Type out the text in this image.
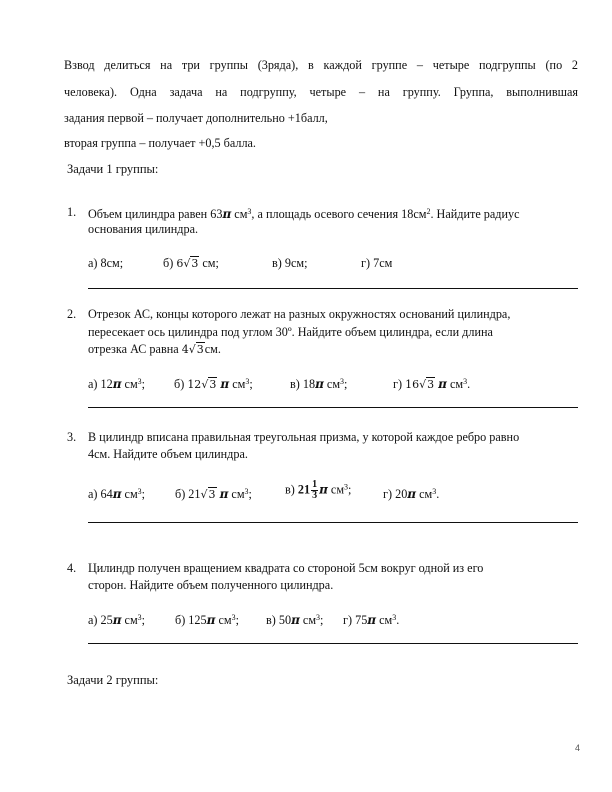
Взвод делиться на три группы (3ряда), в каждой группе – четыре подгруппы (по 2
человека). Одна задача на подгруппу, четыре – на группу. Группа, выполнившая
задания первой – получает дополнительно +1балл,
вторая группа – получает +0,5 балла.
Задачи 1 группы:
1. Объем цилиндра равен 63π $см^3$, а площадь осевого сечения $18см^2$. Найдите радиус
основания цилиндра.
а) 8см;	б) 6√3 см;	в) 9см;	г) 7см
2. Отрезок АС, концы которого лежат на разных окружностях оснований цилиндра,
пересекает ось цилиндра под углом 30º. Найдите объем цилиндра, если длина
отрезка АС равна 4√3см.
а) 12π $см^3$; б) 12√3 π $см^3$;	в) 18π $см^3$;	г) 16√3 π $см^3$.
3. В цилиндр вписана правильная треугольная призма, у которой каждое ребро равно
4см. Найдите объем цилиндра.
а) 64π $см^3$; б) 21√3 π $см^3$;	в) $21 \frac{1}{3}$ π $см^3$;	г) 20π $см^3$.
4. Цилиндр получен вращением квадрата со стороной 5см вокруг одной из его
сторон. Найдите объем полученного цилиндра.
а) 25π $см^3$; б) 125π $см^3$; в) 50π $см^3$; г) 75π $см^3$.
Задачи 2 группы:
4
